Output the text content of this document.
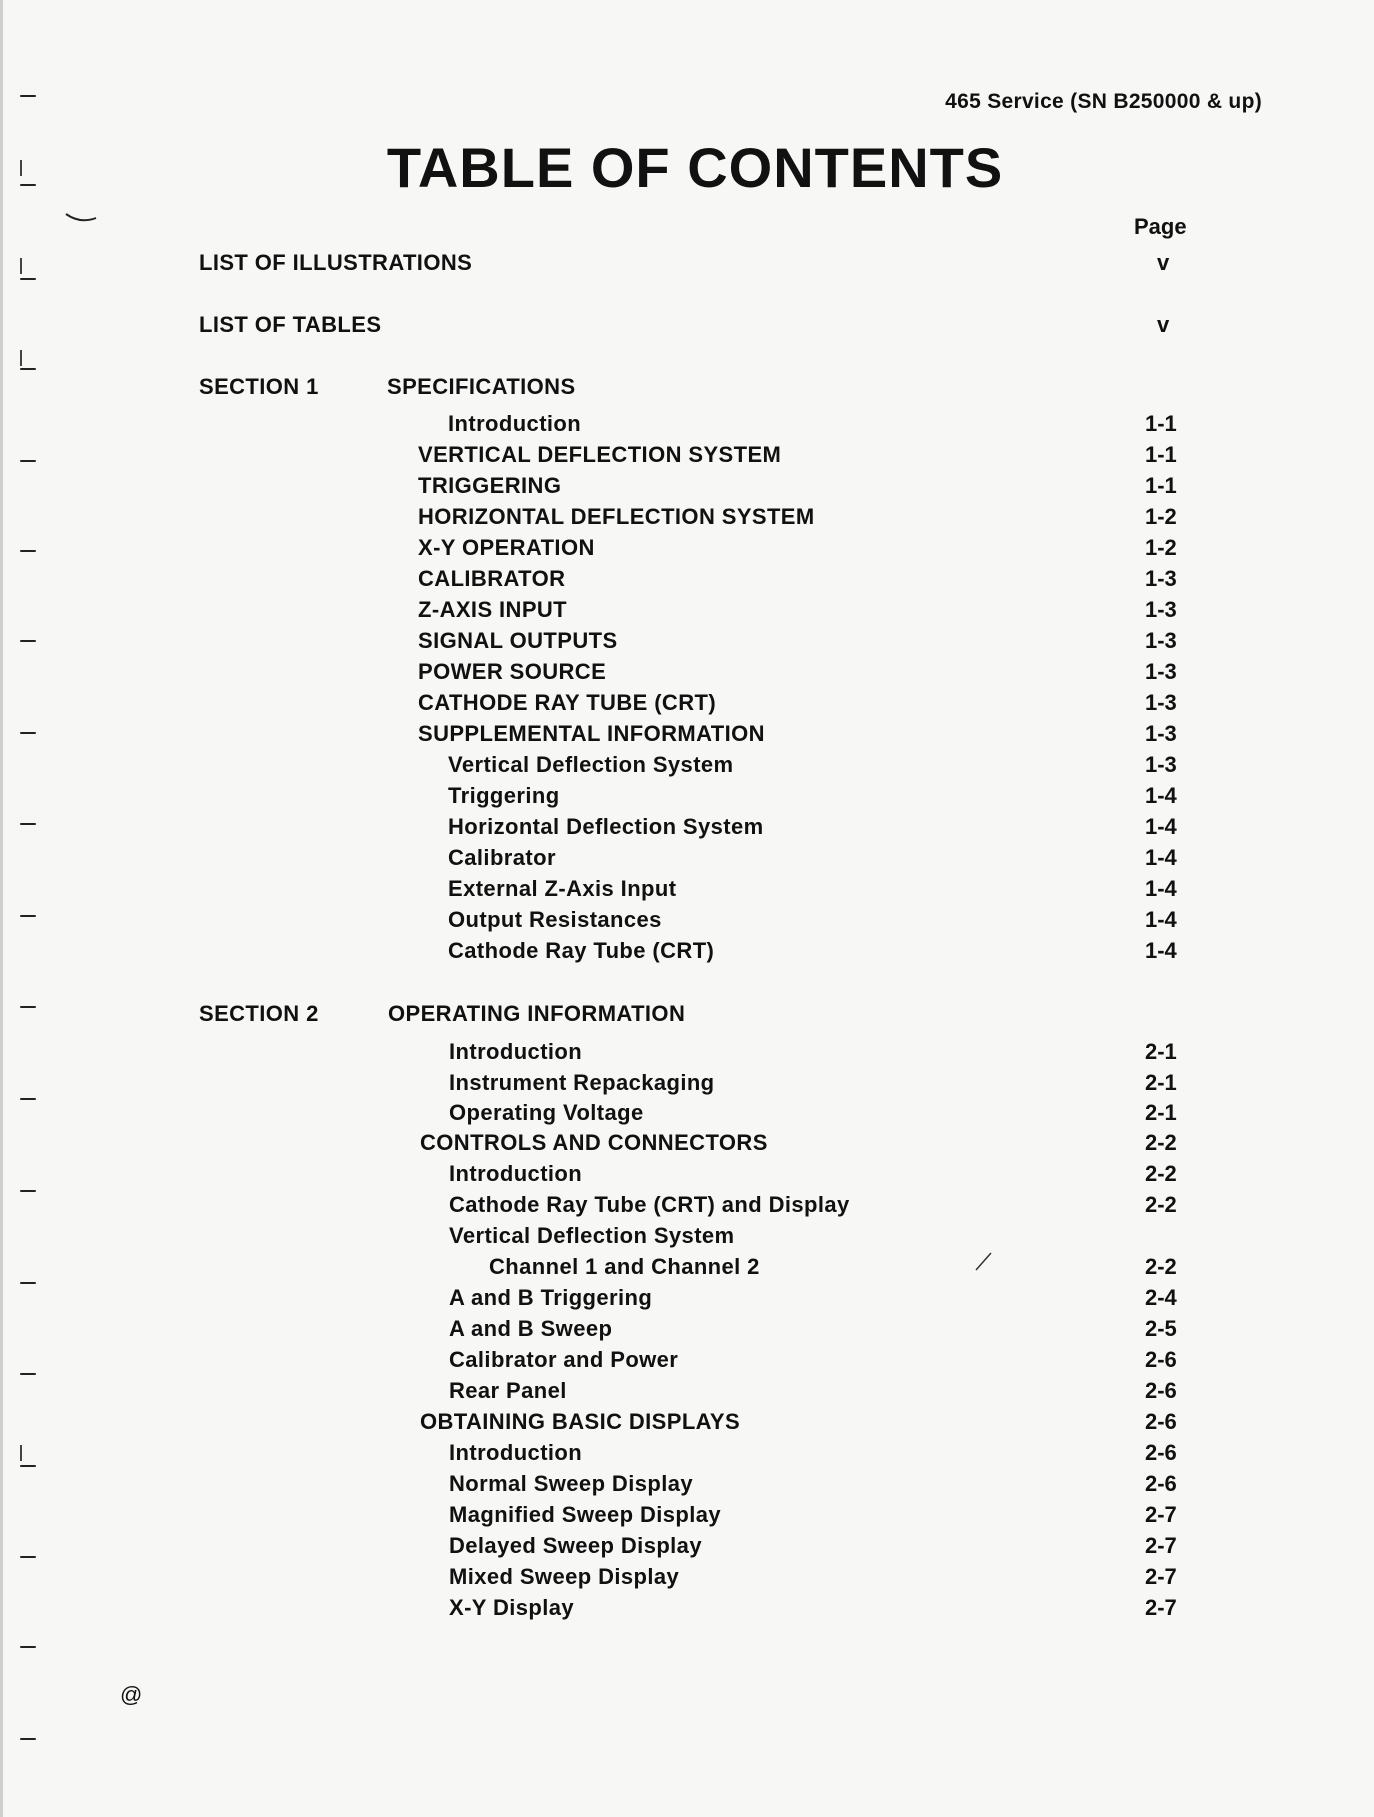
465 Service (SN B250000 & up)
TABLE OF CONTENTS
Page
LIST OF ILLUSTRATIONS	v
LIST OF TABLES	v
SECTION 1	SPECIFICATIONS
Introduction	1-1
VERTICAL DEFLECTION SYSTEM	1-1
TRIGGERING	1-1
HORIZONTAL DEFLECTION SYSTEM	1-2
X-Y OPERATION	1-2
CALIBRATOR	1-3
Z-AXIS INPUT	1-3
SIGNAL OUTPUTS	1-3
POWER SOURCE	1-3
CATHODE RAY TUBE (CRT)	1-3
SUPPLEMENTAL INFORMATION	1-3
Vertical Deflection System	1-3
Triggering	1-4
Horizontal Deflection System	1-4
Calibrator	1-4
External Z-Axis Input	1-4
Output Resistances	1-4
Cathode Ray Tube (CRT)	1-4
SECTION 2	OPERATING INFORMATION
Introduction	2-1
Instrument Repackaging	2-1
Operating Voltage	2-1
CONTROLS AND CONNECTORS	2-2
Introduction	2-2
Cathode Ray Tube (CRT) and Display	2-2
Vertical Deflection System
Channel 1 and Channel 2	2-2
A and B Triggering	2-4
A and B Sweep	2-5
Calibrator and Power	2-6
Rear Panel	2-6
OBTAINING BASIC DISPLAYS	2-6
Introduction	2-6
Normal Sweep Display	2-6
Magnified Sweep Display	2-7
Delayed Sweep Display	2-7
Mixed Sweep Display	2-7
X-Y Display	2-7
@
